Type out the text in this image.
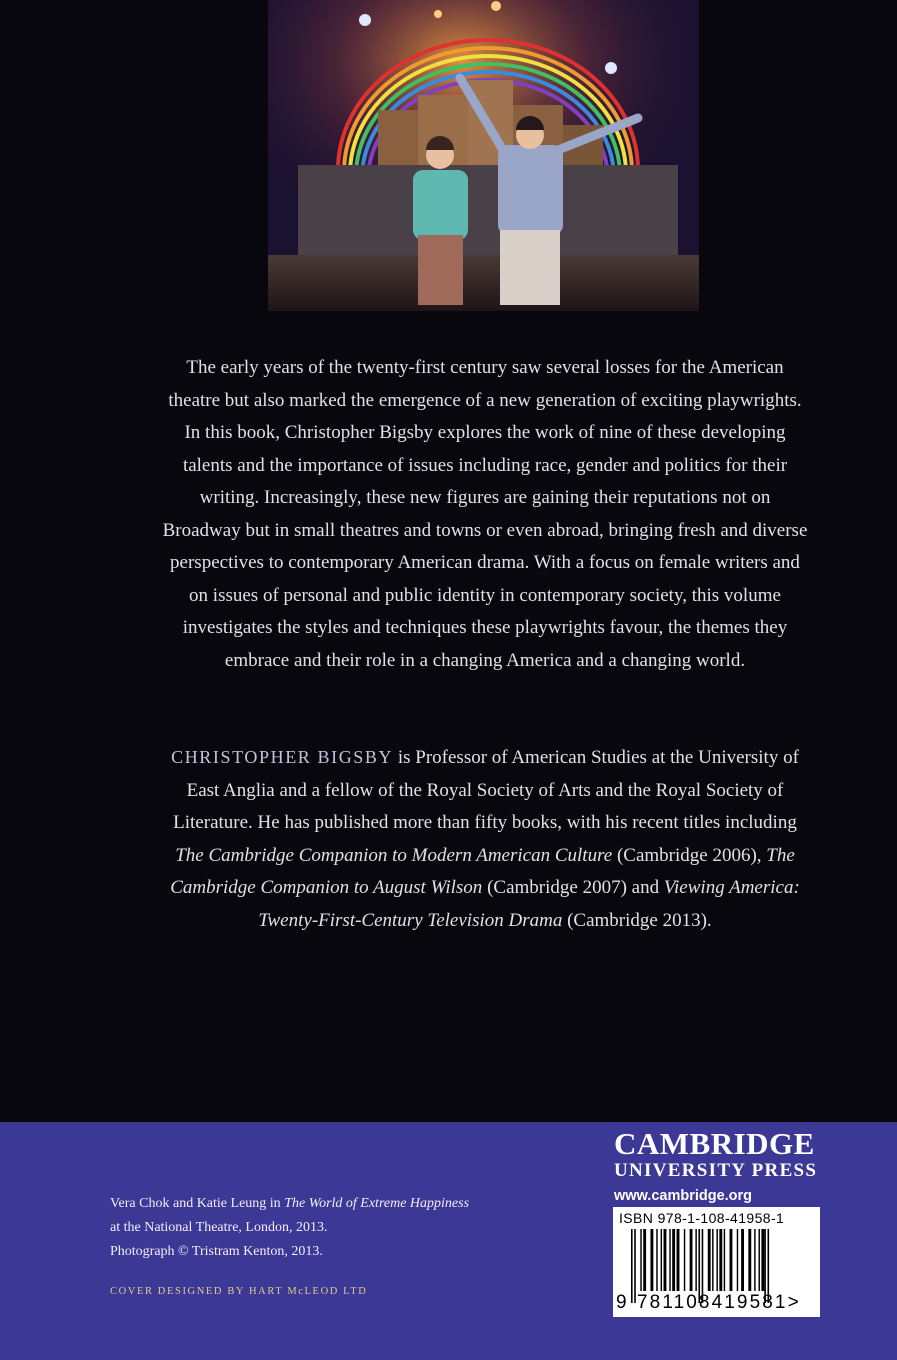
The early years of the twenty-first century saw several losses for the American theatre but also marked the emergence of a new generation of exciting playwrights. In this book, Christopher Bigsby explores the work of nine of these developing talents and the importance of issues including race, gender and politics for their writing. Increasingly, these new figures are gaining their reputations not on Broadway but in small theatres and towns or even abroad, bringing fresh and diverse perspectives to contemporary American drama. With a focus on female writers and on issues of personal and public identity in contemporary society, this volume investigates the styles and techniques these playwrights favour, the themes they embrace and their role in a changing America and a changing world.

CHRISTOPHER BIGSBY is Professor of American Studies at the University of East Anglia and a fellow of the Royal Society of Arts and the Royal Society of Literature. He has published more than fifty books, with his recent titles including The Cambridge Companion to Modern American Culture (Cambridge 2006), The Cambridge Companion to August Wilson (Cambridge 2007) and Viewing America: Twenty-First-Century Television Drama (Cambridge 2013).

Vera Chok and Katie Leung in The World of Extreme Happiness at the National Theatre, London, 2013.
Photograph © Tristram Kenton, 2013.

COVER DESIGNED BY HART McLEOD LTD
CAMBRIDGE
UNIVERSITY PRESS
www.cambridge.org
ISBN 978-1-108-41958-1
9 781108419581>
